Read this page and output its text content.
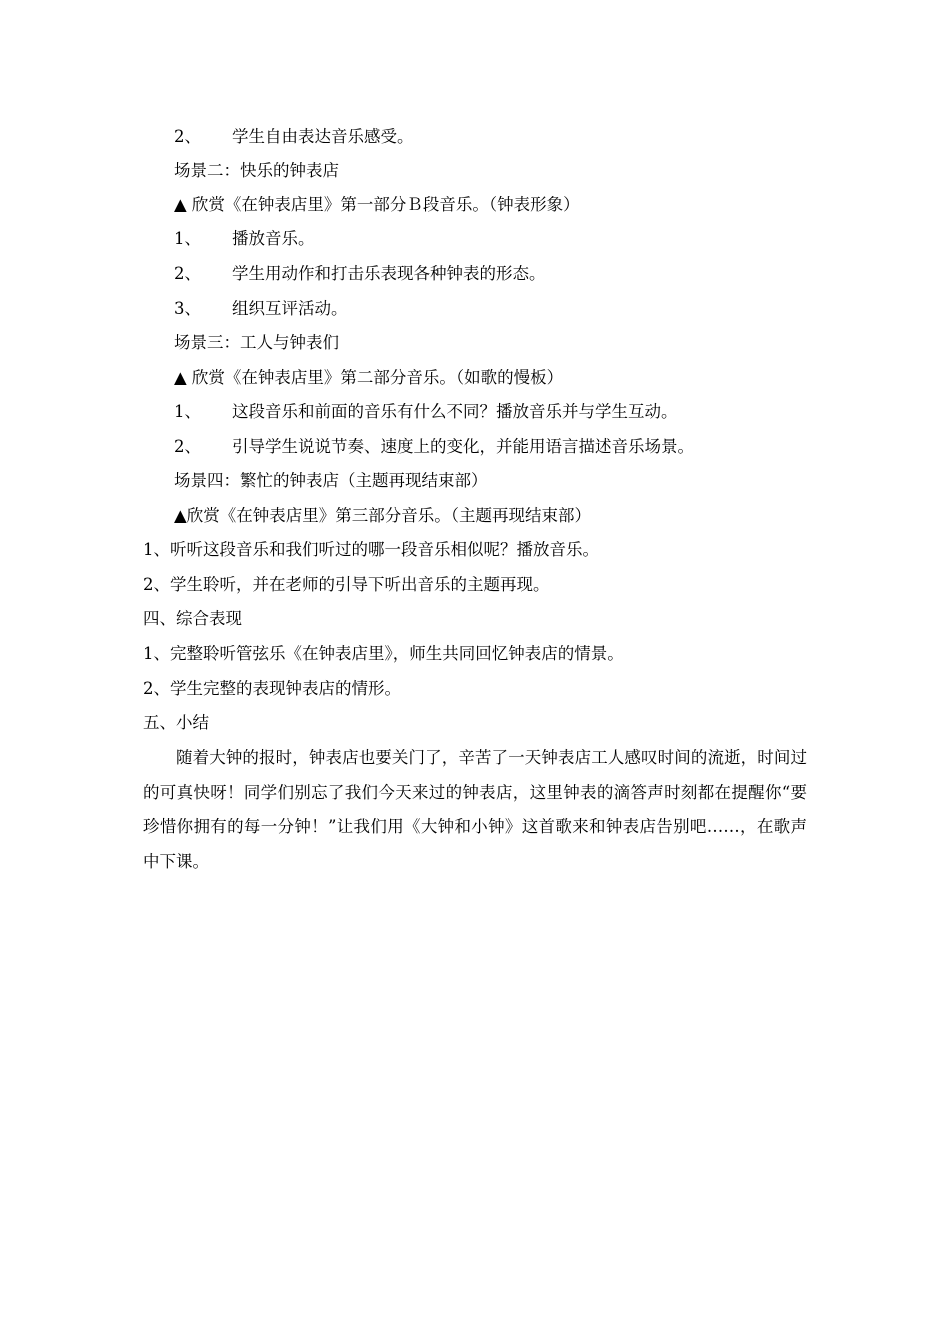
2、 学生自由表达音乐感受。
场景二：快乐的钟表店
▲ 欣赏《在钟表店里》第一部分Ｂ段音乐。（钟表形象）
1、 播放音乐。
2、 学生用动作和打击乐表现各种钟表的形态。
3、 组织互评活动。
场景三：工人与钟表们
▲ 欣赏《在钟表店里》第二部分音乐。（如歌的慢板）
1、 这段音乐和前面的音乐有什么不同？播放音乐并与学生互动。
2、 引导学生说说节奏、速度上的变化，并能用语言描述音乐场景。
场景四：繁忙的钟表店（主题再现结束部）
▲欣赏《在钟表店里》第三部分音乐。（主题再现结束部）
1、听听这段音乐和我们听过的哪一段音乐相似呢？播放音乐。
2、学生聆听，并在老师的引导下听出音乐的主题再现。
四、综合表现
1、完整聆听管弦乐《在钟表店里》，师生共同回忆钟表店的情景。
2、学生完整的表现钟表店的情形。
五、小结
随着大钟的报时，钟表店也要关门了，辛苦了一天钟表店工人感叹时间的流逝，时间过的可真快呀！同学们别忘了我们今天来过的钟表店，这里钟表的滴答声时刻都在提醒你“要珍惜你拥有的每一分钟！”让我们用《大钟和小钟》这首歌来和钟表店告别吧……，在歌声中下课。
